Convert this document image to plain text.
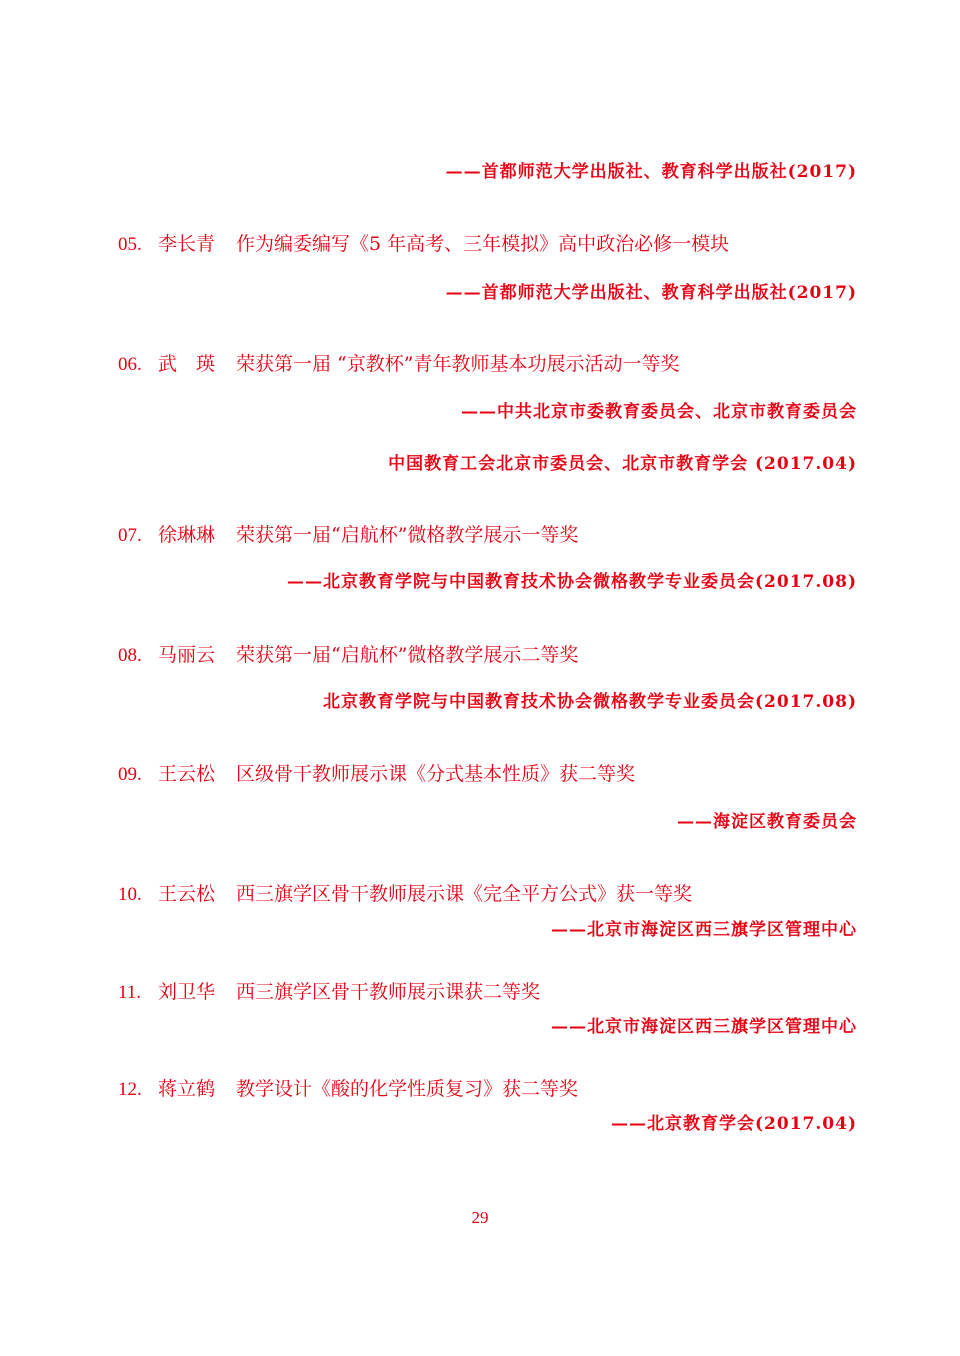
——首都师范大学出版社、教育科学出版社(2017)
05. 李长青 作为编委编写《5 年高考、三年模拟》高中政治必修一模块
——首都师范大学出版社、教育科学出版社(2017)
06. 武　瑛 荣获第一届 “京教杯”青年教师基本功展示活动一等奖
——中共北京市委教育委员会、北京市教育委员会
中国教育工会北京市委员会、北京市教育学会 (2017.04)
07. 徐琳琳 荣获第一届“启航杯”微格教学展示一等奖
——北京教育学院与中国教育技术协会微格教学专业委员会(2017.08)
08. 马丽云 荣获第一届“启航杯”微格教学展示二等奖
北京教育学院与中国教育技术协会微格教学专业委员会(2017.08)
09. 王云松 区级骨干教师展示课《分式基本性质》获二等奖
——海淀区教育委员会
10. 王云松 西三旗学区骨干教师展示课《完全平方公式》获一等奖
——北京市海淀区西三旗学区管理中心
11. 刘卫华 西三旗学区骨干教师展示课获二等奖
——北京市海淀区西三旗学区管理中心
12. 蒋立鹤 教学设计《酸的化学性质复习》获二等奖
——北京教育学会(2017.04)
29
